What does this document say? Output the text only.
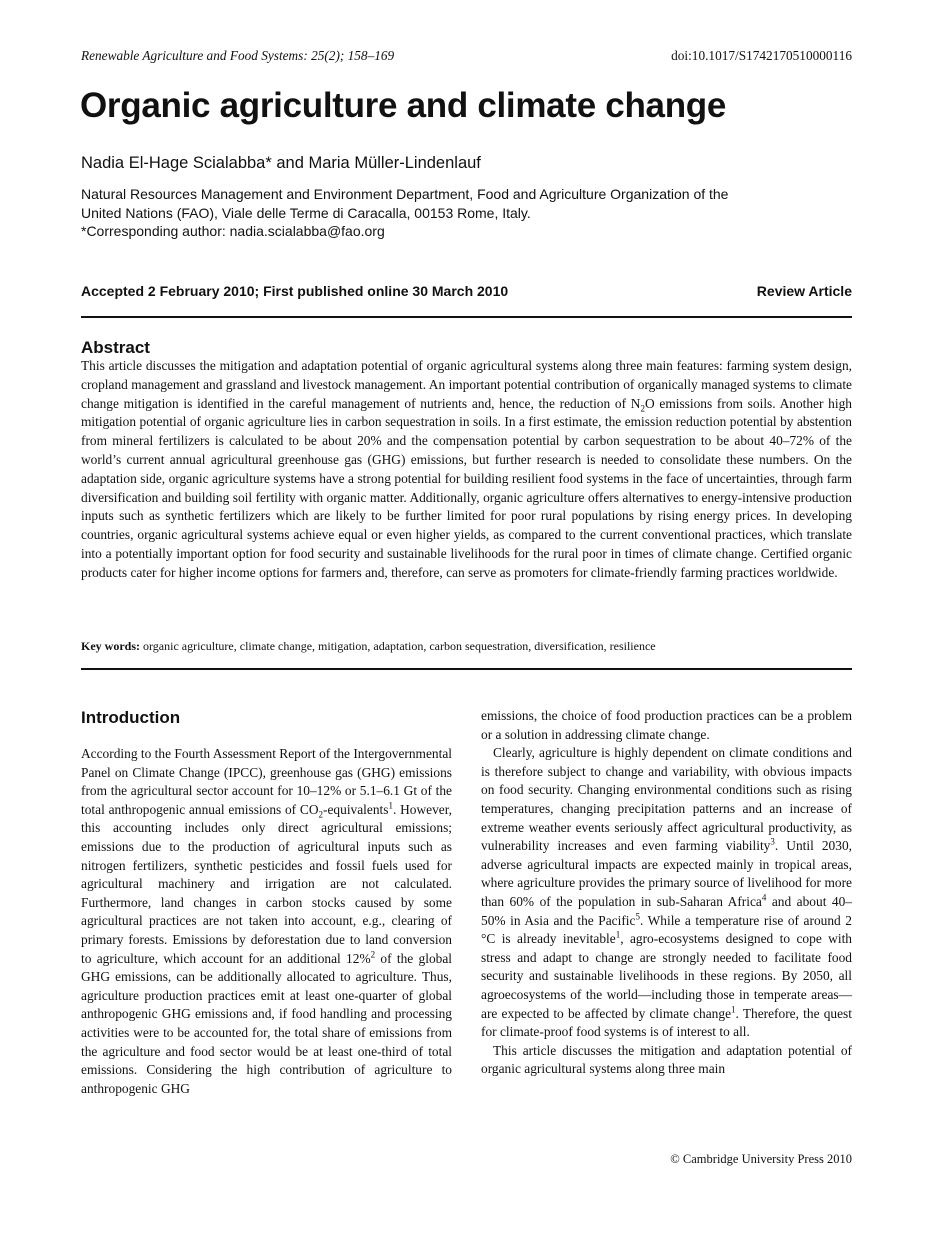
Renewable Agriculture and Food Systems: 25(2); 158–169	doi:10.1017/S1742170510000116
Organic agriculture and climate change
Nadia El-Hage Scialabba* and Maria Müller-Lindenlauf
Natural Resources Management and Environment Department, Food and Agriculture Organization of the
United Nations (FAO), Viale delle Terme di Caracalla, 00153 Rome, Italy.
*Corresponding author: nadia.scialabba@fao.org
Accepted 2 February 2010; First published online 30 March 2010	Review Article
Abstract

This article discusses the mitigation and adaptation potential of organic agricultural systems along three main features: farming system design, cropland management and grassland and livestock management. An important potential contribution of organically managed systems to climate change mitigation is identified in the careful management of nutrients and, hence, the reduction of $N_2O$ emissions from soils. Another high mitigation potential of organic agriculture lies in carbon sequestration in soils. In a first estimate, the emission reduction potential by abstention from mineral fertilizers is calculated to be about 20% and the compensation potential by carbon sequestration to be about 40–72% of the world’s current annual agricultural greenhouse gas (GHG) emissions, but further research is needed to consolidate these numbers. On the adaptation side, organic agriculture systems have a strong potential for building resilient food systems in the face of uncertainties, through farm diversification and building soil fertility with organic matter. Additionally, organic agriculture offers alternatives to energy-intensive production inputs such as synthetic fertilizers which are likely to be further limited for poor rural populations by rising energy prices. In developing countries, organic agricultural systems achieve equal or even higher yields, as compared to the current conventional practices, which translate into a potentially important option for food security and sustainable livelihoods for the rural poor in times of climate change. Certified organic products cater for higher income options for farmers and, therefore, can serve as promoters for climate-friendly farming practices worldwide.

Key words: organic agriculture, climate change, mitigation, adaptation, carbon sequestration, diversification, resilience
Introduction

According to the Fourth Assessment Report of the Intergovernmental Panel on Climate Change (IPCC), greenhouse gas (GHG) emissions from the agricultural sector account for 10–12% or 5.1–6.1 Gt of the total anthropogenic annual emissions of $CO_2-equivalents^1$. However, this accounting includes only direct agricultural emissions; emissions due to the production of agricultural inputs such as nitrogen fertilizers, synthetic pesticides and fossil fuels used for agricultural machinery and irrigation are not calculated. Furthermore, land changes in carbon stocks caused by some agricultural practices are not taken into account, e.g., clearing of primary forests. Emissions by deforestation due to land conversion to agriculture, which account for an additional 12%$^2$ of the global GHG emissions, can be additionally allocated to agriculture. Thus, agriculture production practices emit at least one-quarter of global anthropogenic GHG emissions and, if food handling and processing activities were to be accounted for, the total share of emissions from the agriculture and food sector would be at least one-third of total emissions. Considering the high contribution of agriculture to anthropogenic GHG

emissions, the choice of food production practices can be a problem or a solution in addressing climate change.

Clearly, agriculture is highly dependent on climate conditions and is therefore subject to change and variability, with obvious impacts on food security. Changing environmental conditions such as rising temperatures, changing precipitation patterns and an increase of extreme weather events seriously affect agricultural productivity, as vulnerability increases and even farming viability$^3$. Until 2030, adverse agricultural impacts are expected mainly in tropical areas, where agriculture provides the primary source of livelihood for more than 60% of the population in sub-Saharan Africa$^4$ and about 40–50% in Asia and the Pacific$^5$. While a temperature rise of around 2 °C is already inevitable$^1$, agro-ecosystems designed to cope with stress and adapt to change are strongly needed to facilitate food security and sustainable livelihoods in these regions. By 2050, all agroecosystems of the world—including those in temperate areas—are expected to be affected by climate change$^1$. Therefore, the quest for climate-proof food systems is of interest to all.

This article discusses the mitigation and adaptation potential of organic agricultural systems along three main

© Cambridge University Press 2010
